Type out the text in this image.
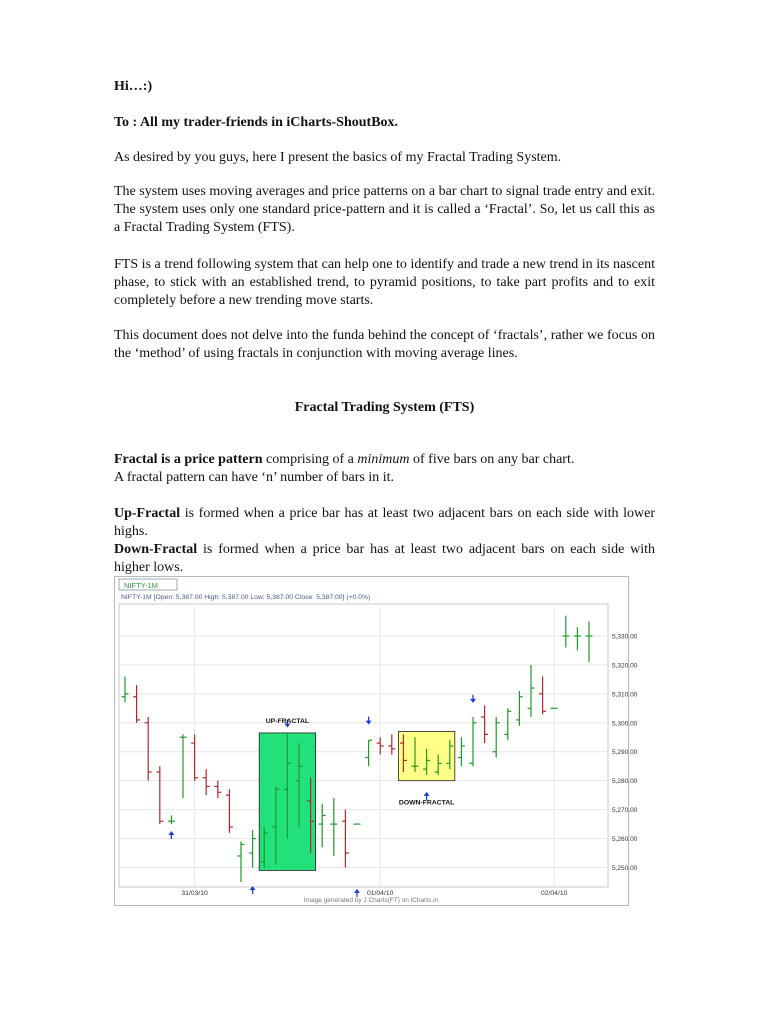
Hi…:)

To : All my trader-friends in iCharts-ShoutBox.

As desired by you guys, here I present the basics of my Fractal Trading System.

The system uses moving averages and price patterns on a bar chart to signal trade entry and exit. The system uses only one standard price-pattern and it is called a ‘Fractal’. So, let us call this as a Fractal Trading System (FTS).

FTS is a trend following system that can help one to identify and trade a new trend in its nascent phase, to stick with an established trend, to pyramid positions, to take part profits and to exit completely before a new trending move starts.

This document does not delve into the funda behind the concept of ‘fractals’, rather we focus on the ‘method’ of using fractals in conjunction with moving average lines.

Fractal Trading System (FTS)

Fractal is a price pattern comprising of a minimum of five bars on any bar chart.
A fractal pattern can have ‘n’ number of bars in it.

Up-Fractal is formed when a price bar has at least two adjacent bars on each side with lower highs.

Down-Fractal is formed when a price bar has at least two adjacent bars on each side with higher lows.

NIFTY-1M
NIFTY-1M [Open: 5,387.00 High: 5,387.00 Low: 5,387.00 Close: 5,387.00] (+0.0%)
5,250.00
5,260.00
5,270.00
5,280.00
5,290.00
5,300.00
5,310.00
5,320.00
5,330.00
31/03/10	01/04/10	02/04/10
UP-FRACTAL
DOWN-FRACTAL
Image generated by J Charts(FT) on iCharts.in
